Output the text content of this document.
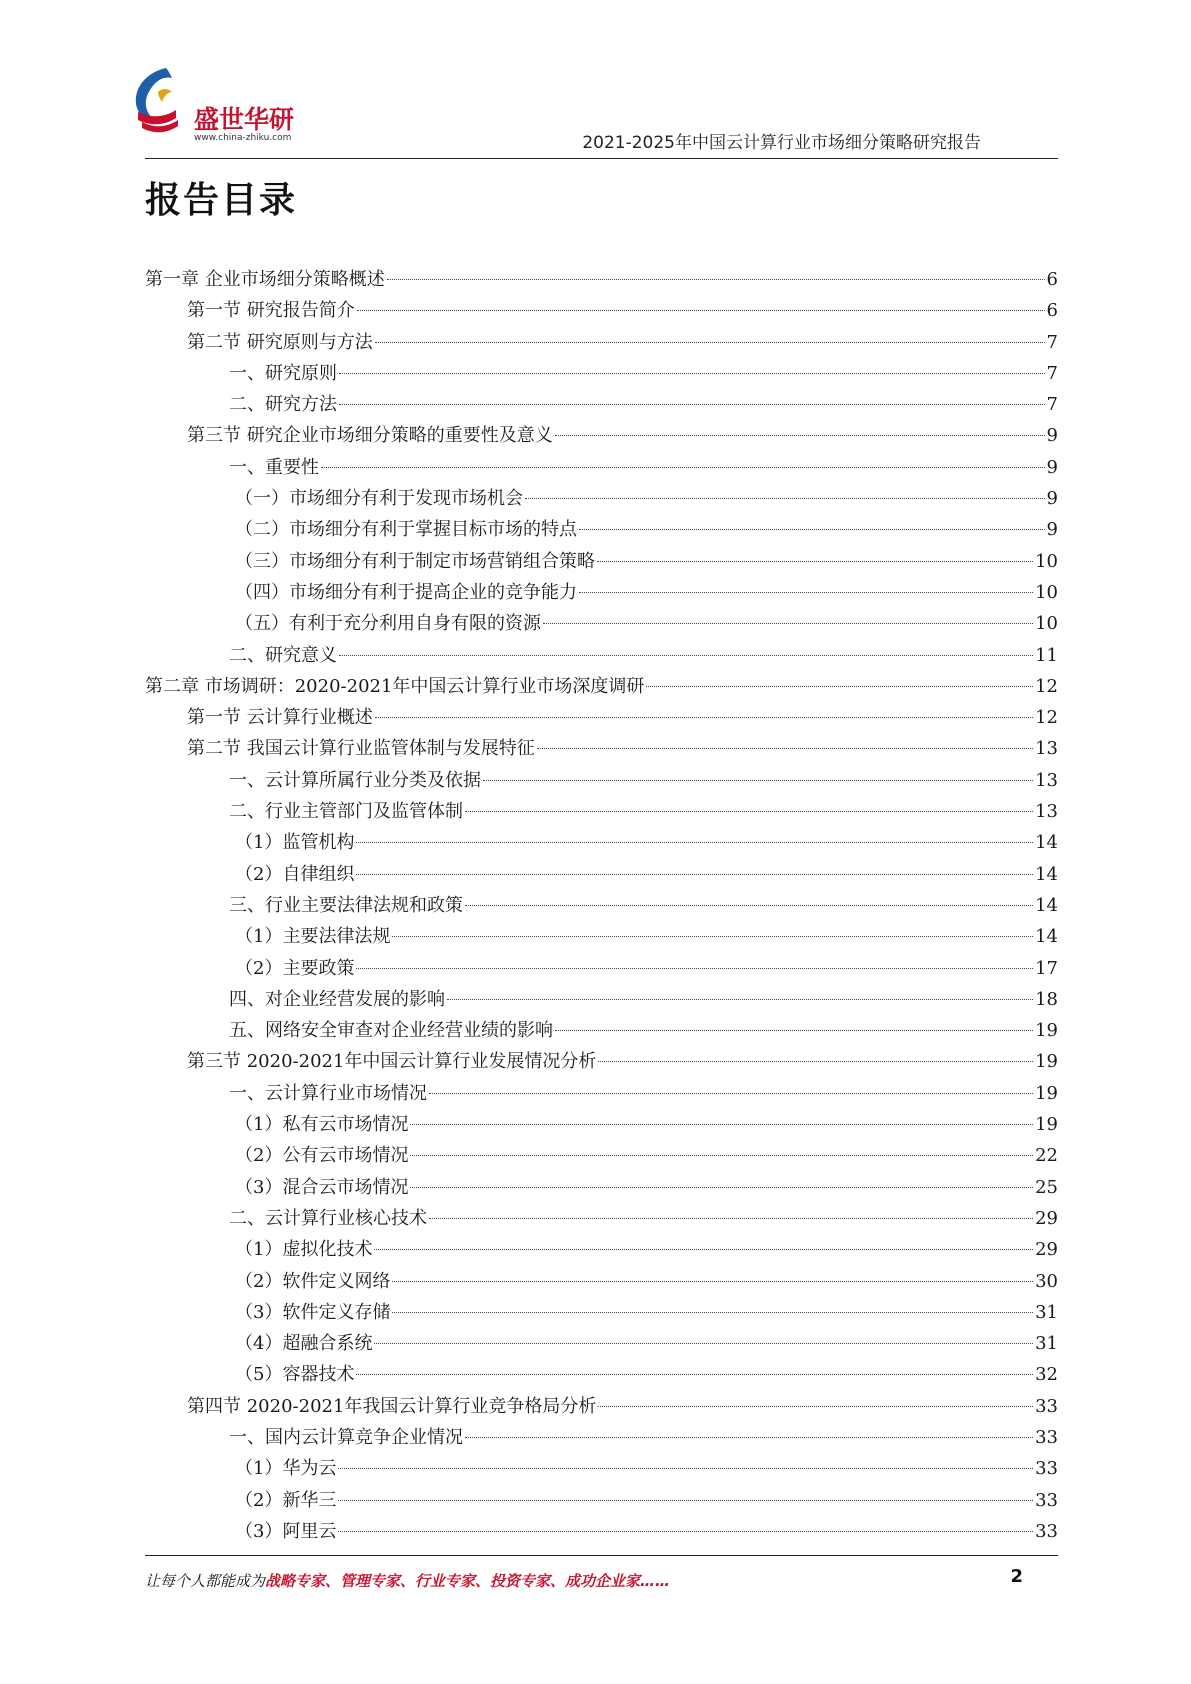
盛世华研
www.china-zhiku.com	2021-2025年中国云计算行业市场细分策略研究报告
报告目录
第一章 企业市场细分策略概述	6
第一节 研究报告简介	6
第二节 研究原则与方法	7
一、研究原则	7
二、研究方法	7
第三节 研究企业市场细分策略的重要性及意义	9
一、重要性	9
（一）市场细分有利于发现市场机会	9
（二）市场细分有利于掌握目标市场的特点	9
（三）市场细分有利于制定市场营销组合策略	10
（四）市场细分有利于提高企业的竞争能力	10
（五）有利于充分利用自身有限的资源	10
二、研究意义	11
第二章 市场调研：2020-2021年中国云计算行业市场深度调研	12
第一节 云计算行业概述	12
第二节 我国云计算行业监管体制与发展特征	13
一、云计算所属行业分类及依据	13
二、行业主管部门及监管体制	13
（1）监管机构	14
（2）自律组织	14
三、行业主要法律法规和政策	14
（1）主要法律法规	14
（2）主要政策	17
四、对企业经营发展的影响	18
五、网络安全审查对企业经营业绩的影响	19
第三节 2020-2021年中国云计算行业发展情况分析	19
一、云计算行业市场情况	19
（1）私有云市场情况	19
（2）公有云市场情况	22
（3）混合云市场情况	25
二、云计算行业核心技术	29
（1）虚拟化技术	29
（2）软件定义网络	30
（3）软件定义存储	31
（4）超融合系统	31
（5）容器技术	32
第四节 2020-2021年我国云计算行业竞争格局分析	33
一、国内云计算竞争企业情况	33
（1）华为云	33
（2）新华三	33
（3）阿里云	33
让每个人都能成为战略专家、管理专家、行业专家、投资专家、成功企业家……	2
